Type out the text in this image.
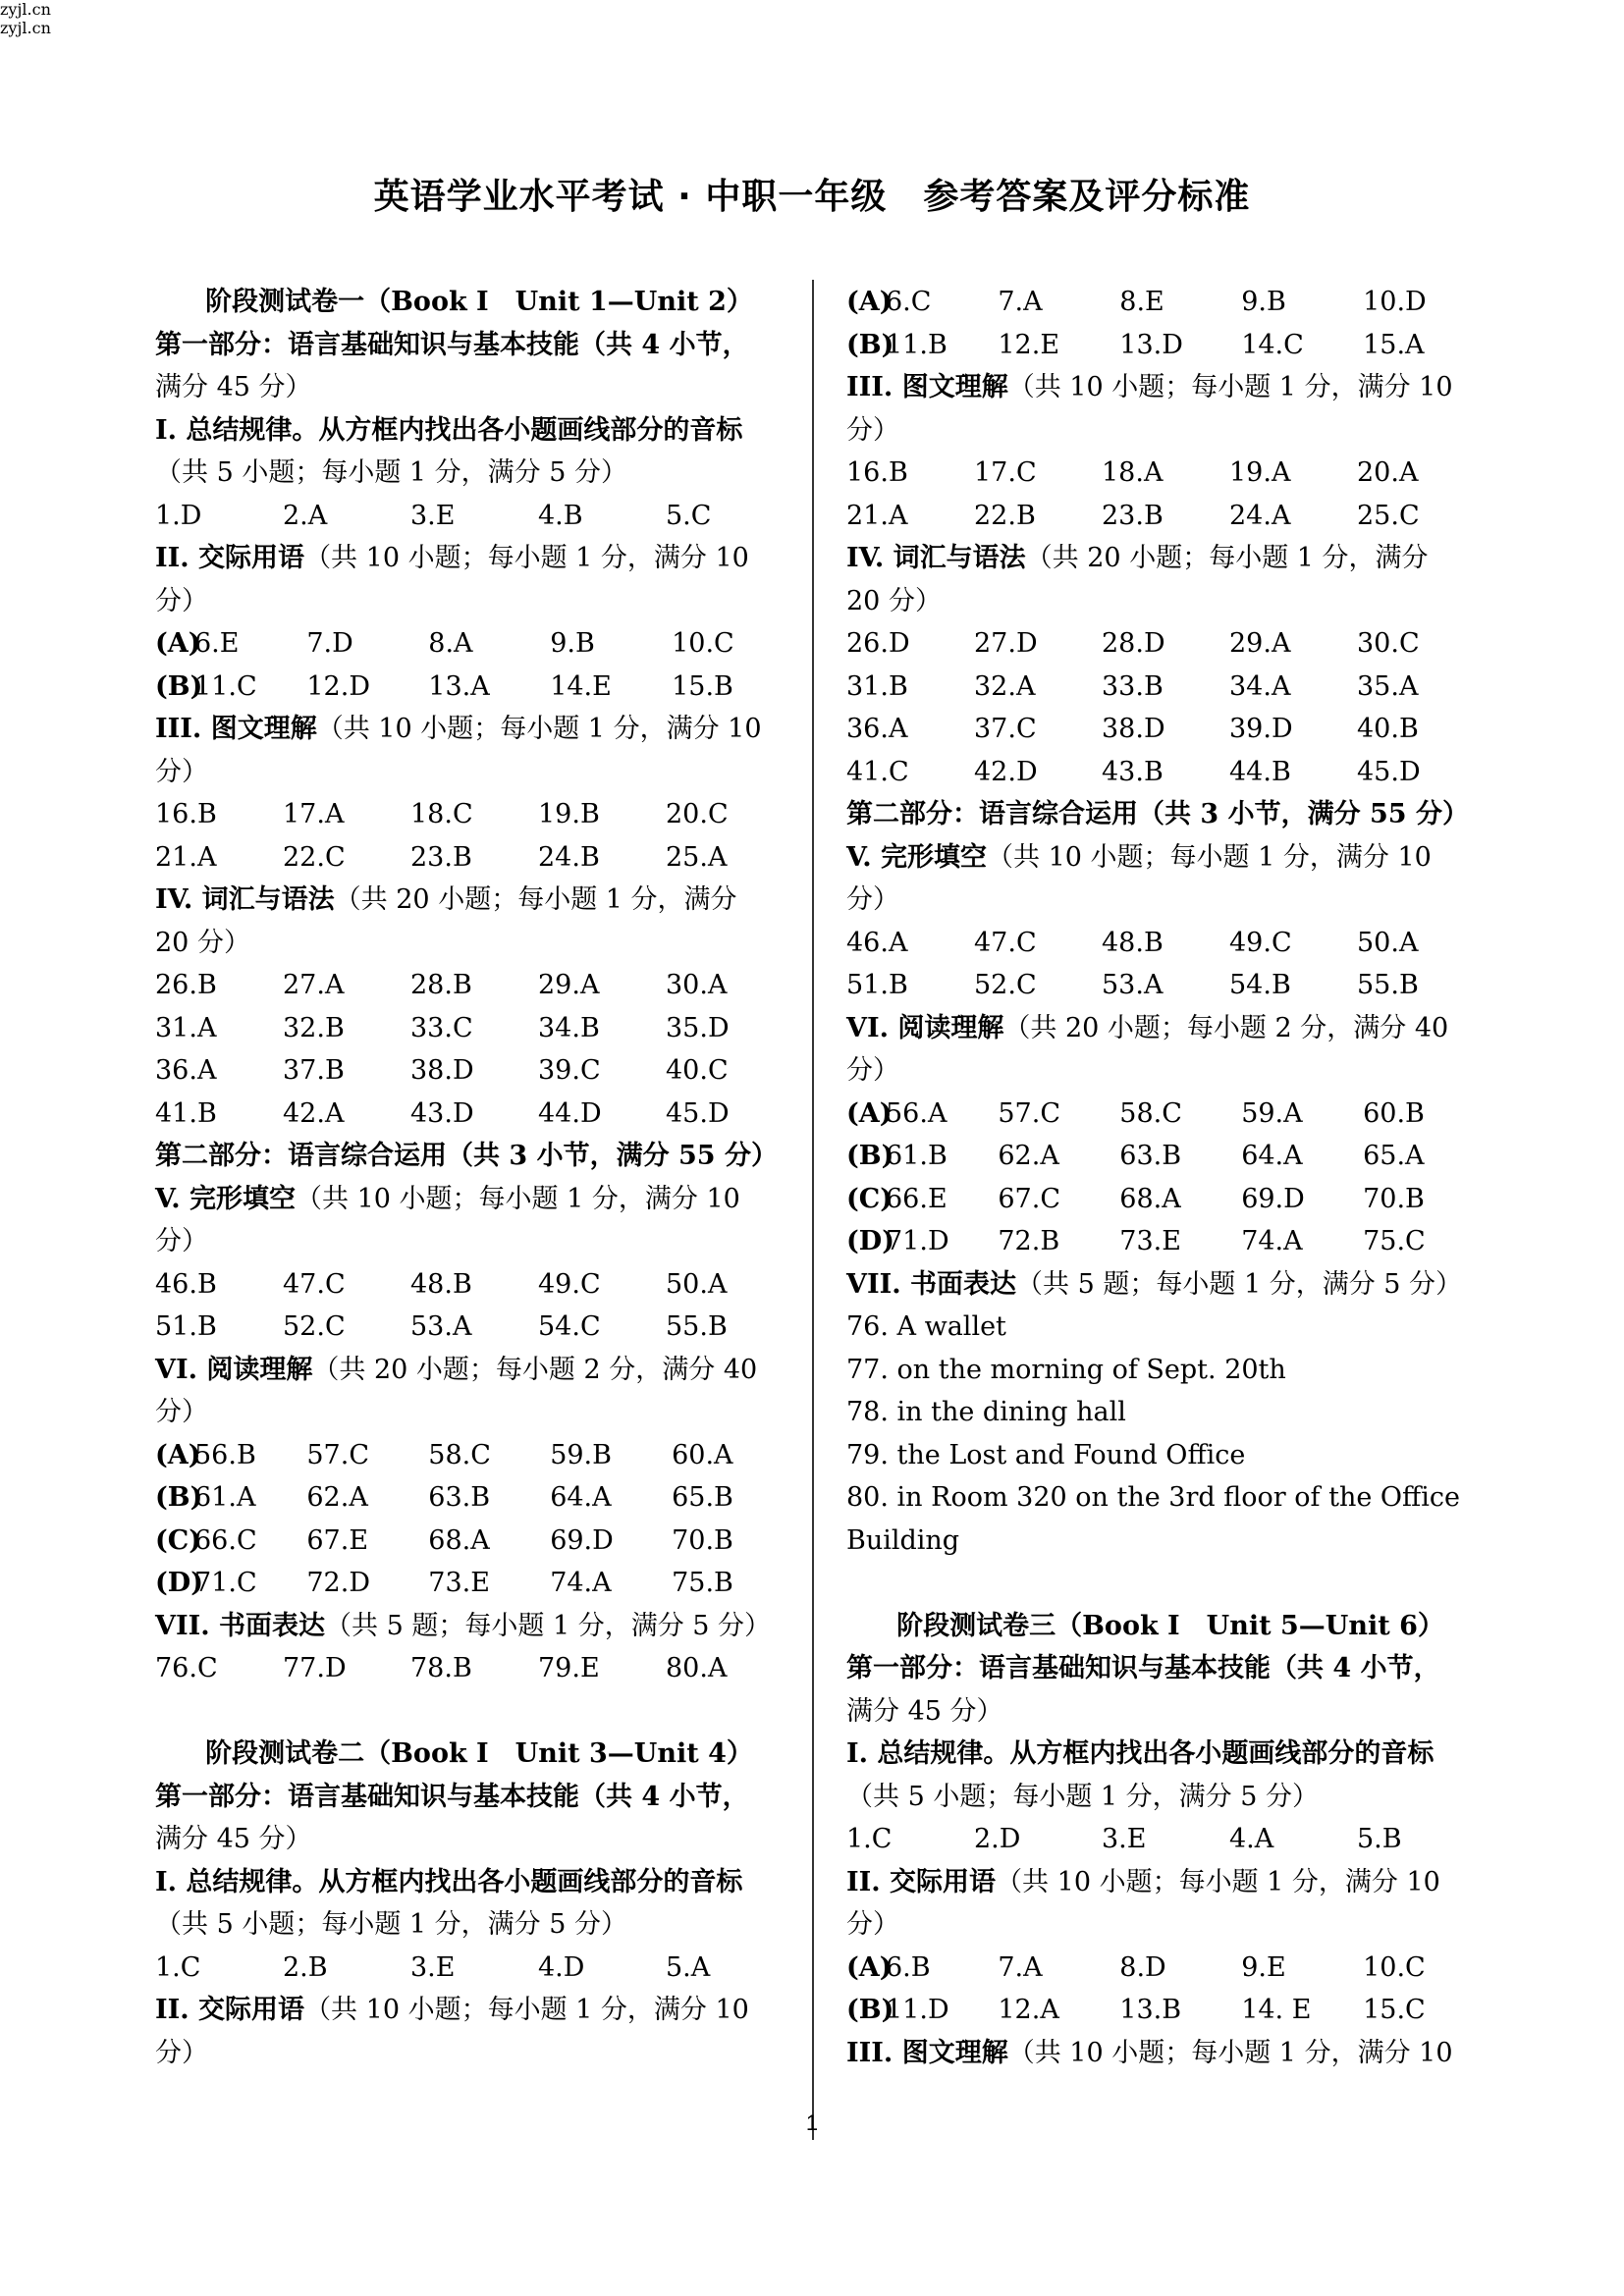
英语学业水平考试 · 中职一年级　参考答案及评分标准
阶段测试卷一（Book I　Unit 1—Unit 2）
第一部分：语言基础知识与基本技能（共 4 小节，
满分 45 分）
I. 总结规律。从方框内找出各小题画线部分的音标
（共 5 小题；每小题 1 分，满分 5 分）
1.D	2.A	3.E	4.B	5.C
II. 交际用语（共 10 小题；每小题 1 分，满分 10
分）
(A)
6.E	7.D	8.A	9.B	10.C
(B)
11.C	12.D	13.A	14.E	15.B
III. 图文理解（共 10 小题；每小题 1 分，满分 10
分）
16.B	17.A	18.C	19.B	20.C
21.A	22.C	23.B	24.B	25.A
IV. 词汇与语法（共 20 小题；每小题 1 分，满分
20 分）
26.B	27.A	28.B	29.A	30.A
31.A	32.B	33.C	34.B	35.D
36.A	37.B	38.D	39.C	40.C
41.B	42.A	43.D	44.D	45.D
第二部分：语言综合运用（共 3 小节，满分 55 分）
V. 完形填空（共 10 小题；每小题 1 分，满分 10
分）
46.B	47.C	48.B	49.C	50.A
51.B	52.C	53.A	54.C	55.B
VI. 阅读理解（共 20 小题；每小题 2 分，满分 40
分）
(A)
56.B	57.C	58.C	59.B	60.A
(B)
61.A	62.A	63.B	64.A	65.B
(C)
66.C	67.E	68.A	69.D	70.B
(D)
71.C	72.D	73.E	74.A	75.B
VII. 书面表达（共 5 题；每小题 1 分，满分 5 分）
76.C	77.D	78.B	79.E	80.A
阶段测试卷二（Book I　Unit 3—Unit 4）
第一部分：语言基础知识与基本技能（共 4 小节，
满分 45 分）
I. 总结规律。从方框内找出各小题画线部分的音标
（共 5 小题；每小题 1 分，满分 5 分）
1.C	2.B	3.E	4.D	5.A
II. 交际用语（共 10 小题；每小题 1 分，满分 10
分）
(A)
6.C	7.A	8.E	9.B	10.D
(B)
11.B	12.E	13.D	14.C	15.A
III. 图文理解（共 10 小题；每小题 1 分，满分 10
分）
16.B	17.C	18.A	19.A	20.A
21.A	22.B	23.B	24.A	25.C
IV. 词汇与语法（共 20 小题；每小题 1 分，满分
20 分）
26.D	27.D	28.D	29.A	30.C
31.B	32.A	33.B	34.A	35.A
36.A	37.C	38.D	39.D	40.B
41.C	42.D	43.B	44.B	45.D
第二部分：语言综合运用（共 3 小节，满分 55 分）
V. 完形填空（共 10 小题；每小题 1 分，满分 10
分）
46.A	47.C	48.B	49.C	50.A
51.B	52.C	53.A	54.B	55.B
VI. 阅读理解（共 20 小题；每小题 2 分，满分 40
分）
(A)
56.A	57.C	58.C	59.A	60.B
(B)
61.B	62.A	63.B	64.A	65.A
(C)
66.E	67.C	68.A	69.D	70.B
(D)
71.D	72.B	73.E	74.A	75.C
VII. 书面表达（共 5 题；每小题 1 分，满分 5 分）
76. A wallet
77. on the morning of Sept. 20th
78. in the dining hall
79. the Lost and Found Office
80. in Room 320 on the 3rd floor of the Office
Building
阶段测试卷三（Book I　Unit 5—Unit 6）
第一部分：语言基础知识与基本技能（共 4 小节，
满分 45 分）
I. 总结规律。从方框内找出各小题画线部分的音标
（共 5 小题；每小题 1 分，满分 5 分）
1.C	2.D	3.E	4.A	5.B
II. 交际用语（共 10 小题；每小题 1 分，满分 10
分）
(A)
6.B	7.A	8.D	9.E	10.C
(B)
11.D	12.A	13.B	14. E	15.C
III. 图文理解（共 10 小题；每小题 1 分，满分 10
1
zyjl.cn
zyjl.cn
